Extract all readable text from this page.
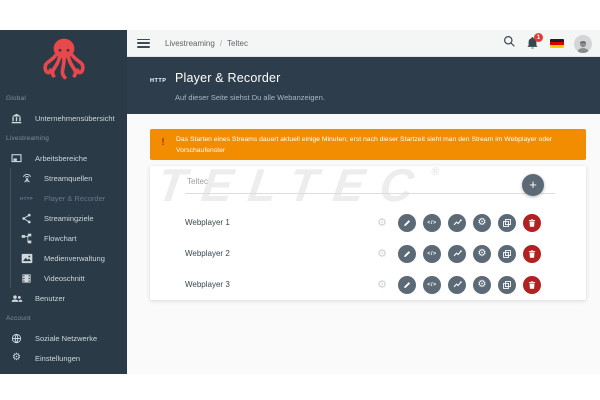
Global
Unternehmensübersicht
Livestreaming
Arbeitsbereiche
Streamquellen
HTTP Player & Recorder
Streamingziele
Flowchart
Medienverwaltung
Videoschnitt
Benutzer
Account
Soziale Netzwerke
⚙ Einstellungen
Livestreaming / Teltec
1
HTTP Player & Recorder
Auf dieser Seite siehst Du alle Webanzeigen.
!	Das Starten eines Streams dauert aktuell einige Minuten; erst nach dieser Startzeit sieht man den Stream im Webplayer oder Vorschaufenster
TELTEC®
Teltec
+
Webplayer 1	⚙	</>	⚙
Webplayer 2	⚙	</>	⚙
Webplayer 3	⚙	</>	⚙
